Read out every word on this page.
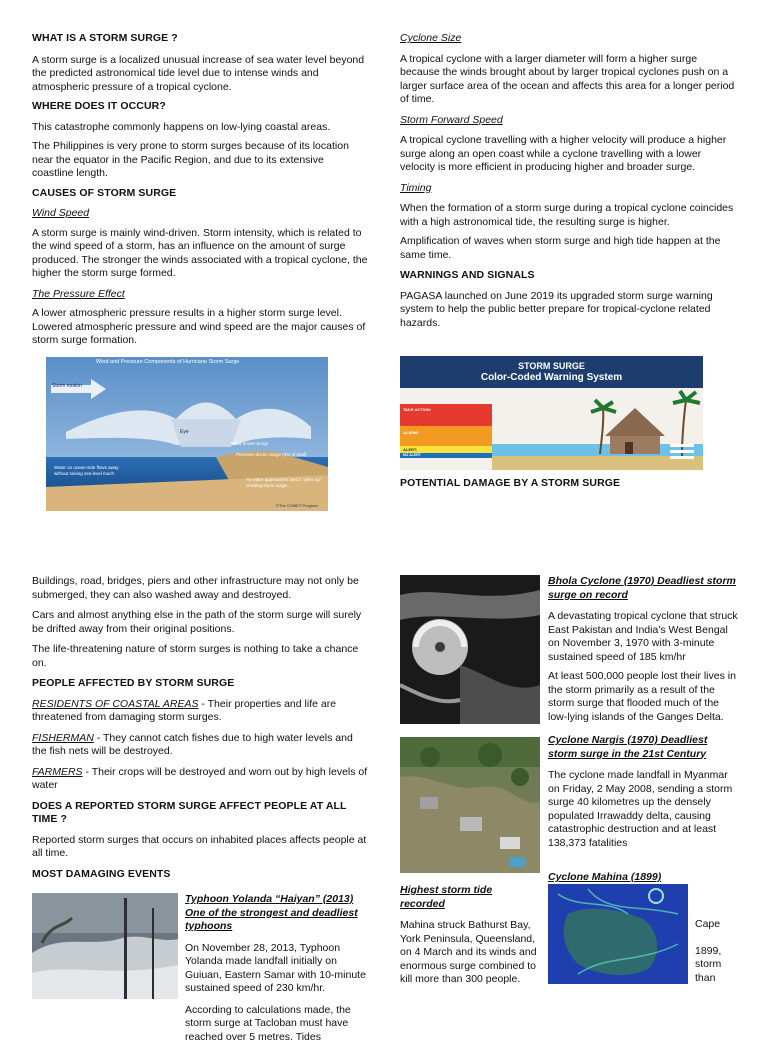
WHAT IS A STORM SURGE ?

A storm surge is a localized unusual increase of sea water level beyond the predicted astronomical tide level due to intense winds and atmospheric pressure of a tropical cyclone.

WHERE DOES IT OCCUR?

This catastrophe commonly happens on low-lying coastal areas.

The Philippines is very prone to storm surges because of its location near the equator in the Pacific Region, and due to its extensive coastline length.

CAUSES OF STORM SURGE

Wind Speed

A storm surge is mainly wind-driven. Storm intensity, which is related to the wind speed of a storm, has an influence on the amount of surge produced. The stronger the winds associated with a tropical cyclone, the higher the storm surge formed.

The Pressure Effect

A lower atmospheric pressure results in a higher storm surge level. Lowered atmospheric pressure and wind speed are the major causes of storm surge formation.

Wind and Pressure Components of Hurricane Storm Surge
Storm motion
Eye
Wind-driven Surge
Pressure-driven Surge (5% of total)
Water on ocean-side flows away without raising sea level much
As water approaches land it "piles up" creating storm surge
©The COMET Program

Cyclone Size

A tropical cyclone with a larger diameter will form a higher surge because the winds brought about by larger tropical cyclones push on a larger surface area of the ocean and affects this area for a longer period of time.

Storm Forward Speed

A tropical cyclone travelling with a higher velocity will produce a higher surge along an open coast while a cyclone travelling with a lower velocity is more efficient in producing higher and broader surge.

Timing

When the formation of a storm surge during a tropical cyclone coincides with a high astronomical tide, the resulting surge is higher.

Amplification of waves when storm surge and high tide happen at the same time.

WARNINGS AND SIGNALS

PAGASA launched on June 2019 its upgraded storm surge warning system to help the public better prepare for tropical-cyclone related hazards.

STORM SURGE
Color-Coded Warning System
TAKE ACTION:
ALARM:
ALERT:
NO ALERT

POTENTIAL DAMAGE BY A STORM SURGE

Buildings, road, bridges, piers and other infrastructure may not only be submerged, they can also washed away and destroyed.

Cars and almost anything else in the path of the storm surge will surely be drifted away from their original positions.

The life-threatening nature of storm surges is nothing to take a chance on.

PEOPLE AFFECTED BY STORM SURGE

RESIDENTS OF COASTAL AREAS - Their properties and life are threatened from damaging storm surges.

FISHERMAN - They cannot catch fishes due to high water levels and the fish nets will be destroyed.

FARMERS - Their crops will be destroyed and worn out by high levels of water

DOES A REPORTED STORM SURGE AFFECT PEOPLE AT ALL TIME ?

Reported storm surges that occurs on inhabited places affects people at all time.

MOST DAMAGING EVENTS

Typhoon Yolanda “Haiyan” (2013) One of the strongest and deadliest typhoons

On November 28, 2013, Typhoon Yolanda made landfall initially on Guiuan, Eastern Samar with 10-minute sustained speed of 230 km/hr.

According to calculations made, the storm surge at Tacloban must have reached over 5 metres. Tides

Bhola Cyclone (1970) Deadliest storm surge on record

A devastating tropical cyclone that struck East Pakistan and India's West Bengal on November 3, 1970 with 3-minute sustained speed of 185 km/hr

At least 500,000 people lost their lives in the storm primarily as a result of the storm surge that flooded much of the low-lying islands of the Ganges Delta.

Cyclone Nargis (1970) Deadliest storm surge in the 21st Century

The cyclone made landfall in Myanmar on Friday, 2 May 2008, sending a storm surge 40 kilometres up the densely populated Irrawaddy delta, causing catastrophic destruction and at least 138,373 fatalities

Cyclone Mahina (1899)

Highest storm tide recorded

Mahina struck Bathurst Bay, York Peninsula, Queensland, on 4 March and its winds and enormous surge combined to kill more than 300 people.

Cape

1899,

storm

than
